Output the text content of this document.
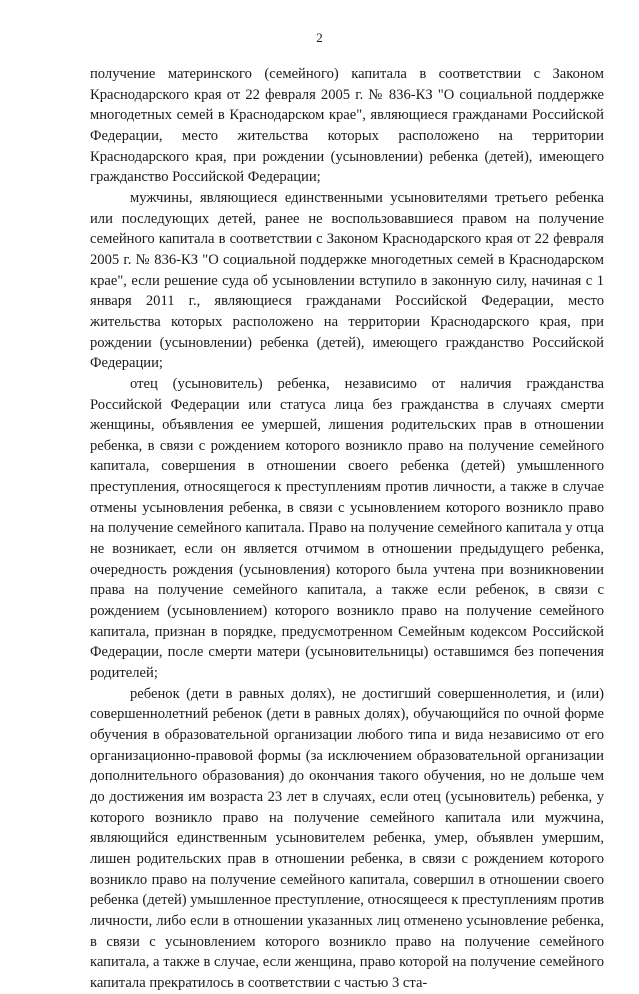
2

получение материнского (семейного) капитала в соответствии с Законом Краснодарского края от 22 февраля 2005 г. № 836-КЗ "О социальной поддержке многодетных семей в Краснодарском крае", являющиеся гражданами Российской Федерации, место жительства которых расположено на территории Краснодарского края, при рождении (усыновлении) ребенка (детей), имеющего гражданство Российской Федерации;

мужчины, являющиеся единственными усыновителями третьего ребенка или последующих детей, ранее не воспользовавшиеся правом на получение семейного капитала в соответствии с Законом Краснодарского края от 22 февраля 2005 г. № 836-КЗ "О социальной поддержке многодетных семей в Краснодарском крае", если решение суда об усыновлении вступило в законную силу, начиная с 1 января 2011 г., являющиеся гражданами Российской Федерации, место жительства которых расположено на территории Краснодарского края, при рождении (усыновлении) ребенка (детей), имеющего гражданство Российской Федерации;

отец (усыновитель) ребенка, независимо от наличия гражданства Российской Федерации или статуса лица без гражданства в случаях смерти женщины, объявления ее умершей, лишения родительских прав в отношении ребенка, в связи с рождением которого возникло право на получение семейного капитала, совершения в отношении своего ребенка (детей) умышленного преступления, относящегося к преступлениям против личности, а также в случае отмены усыновления ребенка, в связи с усыновлением которого возникло право на получение семейного капитала. Право на получение семейного капитала у отца не возникает, если он является отчимом в отношении предыдущего ребенка, очередность рождения (усыновления) которого была учтена при возникновении права на получение семейного капитала, а также если ребенок, в связи с рождением (усыновлением) которого возникло право на получение семейного капитала, признан в порядке, предусмотренном Семейным кодексом Российской Федерации, после смерти матери (усыновительницы) оставшимся без попечения родителей;

ребенок (дети в равных долях), не достигший совершеннолетия, и (или) совершеннолетний ребенок (дети в равных долях), обучающийся по очной форме обучения в образовательной организации любого типа и вида независимо от его организационно-правовой формы (за исключением образовательной организации дополнительного образования) до окончания такого обучения, но не дольше чем до достижения им возраста 23 лет в случаях, если отец (усыновитель) ребенка, у которого возникло право на получение семейного капитала или мужчина, являющийся единственным усыновителем ребенка, умер, объявлен умершим, лишен родительских прав в отношении ребенка, в связи с рождением которого возникло право на получение семейного капитала, совершил в отношении своего ребенка (детей) умышленное преступление, относящееся к преступлениям против личности, либо если в отношении указанных лиц отменено усыновление ребенка, в связи с усыновлением которого возникло право на получение семейного капитала, а также в случае, если женщина, право которой на получение семейного капитала прекратилось в соответствии с частью 3 ста-
